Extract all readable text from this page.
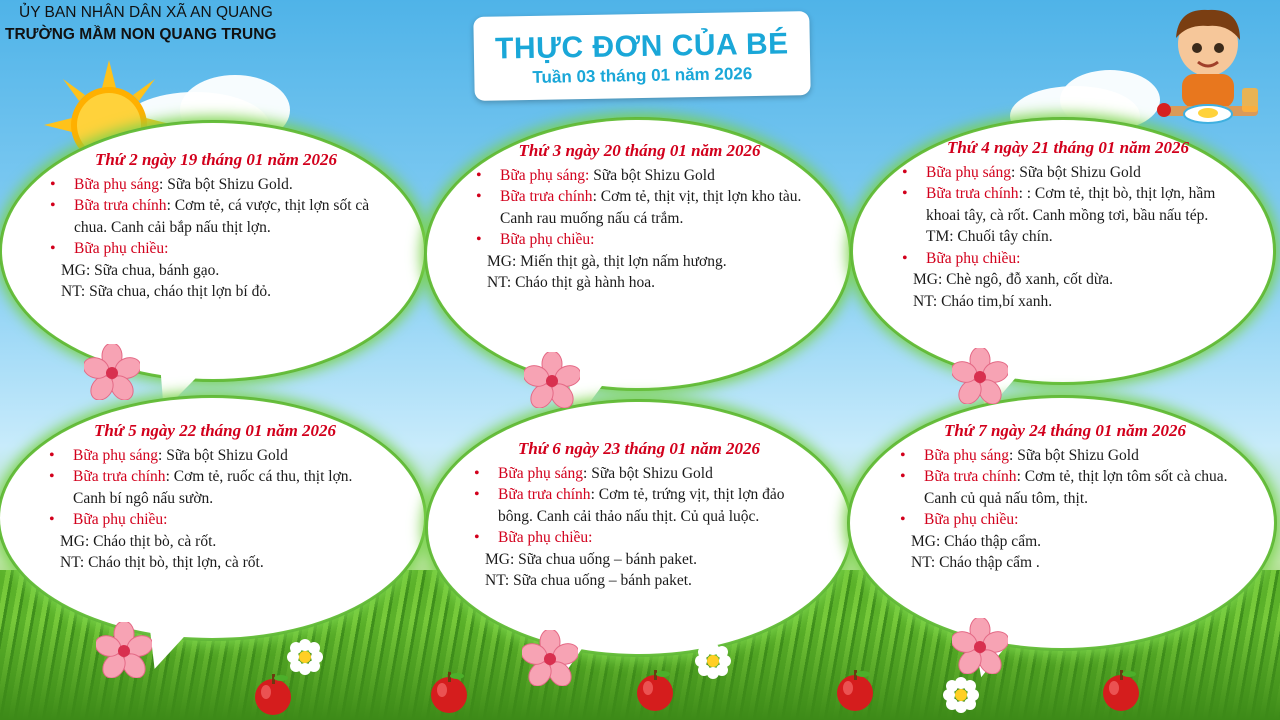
ỦY BAN NHÂN DÂN XÃ AN QUANG
TRƯỜNG MẦM NON QUANG TRUNG	THỰC ĐƠN CỦA BÉ
Tuần 03 tháng 01 năm 2026
Thứ 2 ngày 19 tháng 01 năm 2026
• Bữa phụ sáng: Sữa bột Shizu Gold.
• Bữa trưa chính: Cơm tẻ, cá vược, thịt lợn sốt cà chua. Canh cải bắp nấu thịt lợn.
• Bữa phụ chiều:
MG: Sữa chua, bánh gạo.
NT: Sữa chua, cháo thịt lợn bí đỏ.
Thứ 3 ngày 20 tháng 01 năm 2026
• Bữa phụ sáng: Sữa bột Shizu Gold
• Bữa trưa chính: Cơm tẻ, thịt vịt, thịt lợn kho tàu. Canh rau muống nấu cá trắm.
• Bữa phụ chiều:
MG: Miến thịt gà, thịt lợn nấm hương.
NT: Cháo thịt gà hành hoa.
Thứ 4 ngày 21 tháng 01 năm 2026
• Bữa phụ sáng: Sữa bột Shizu Gold
• Bữa trưa chính: : Cơm tẻ, thịt bò, thịt lợn, hầm khoai tây, cà rốt. Canh mồng tơi, bầu nấu tép. TM: Chuối tây chín.
• Bữa phụ chiều:
MG: Chè ngô, đỗ xanh, cốt dừa.
NT: Cháo tim,bí xanh.
Thứ 5 ngày 22 tháng 01 năm 2026
• Bữa phụ sáng: Sữa bột Shizu Gold
• Bữa trưa chính: Cơm tẻ, ruốc cá thu, thịt lợn. Canh bí ngô nấu sườn.
• Bữa phụ chiều:
MG: Cháo thịt bò, cà rốt.
NT: Cháo thịt bò, thịt lợn, cà rốt.
Thứ 6 ngày 23 tháng 01 năm 2026
• Bữa phụ sáng: Sữa bột Shizu Gold
• Bữa trưa chính: Cơm tẻ, trứng vịt, thịt lợn đảo bông. Canh cải thảo nấu thịt. Củ quả luộc.
• Bữa phụ chiều:
MG: Sữa chua uống – bánh paket.
NT: Sữa chua uống – bánh paket.
Thứ 7 ngày 24 tháng 01 năm 2026
• Bữa phụ sáng: Sữa bột Shizu Gold
• Bữa trưa chính: Cơm tẻ, thịt lợn tôm sốt cà chua. Canh củ quả nấu tôm, thịt.
• Bữa phụ chiều:
MG: Cháo thập cẩm.
NT: Cháo thập cẩm .
